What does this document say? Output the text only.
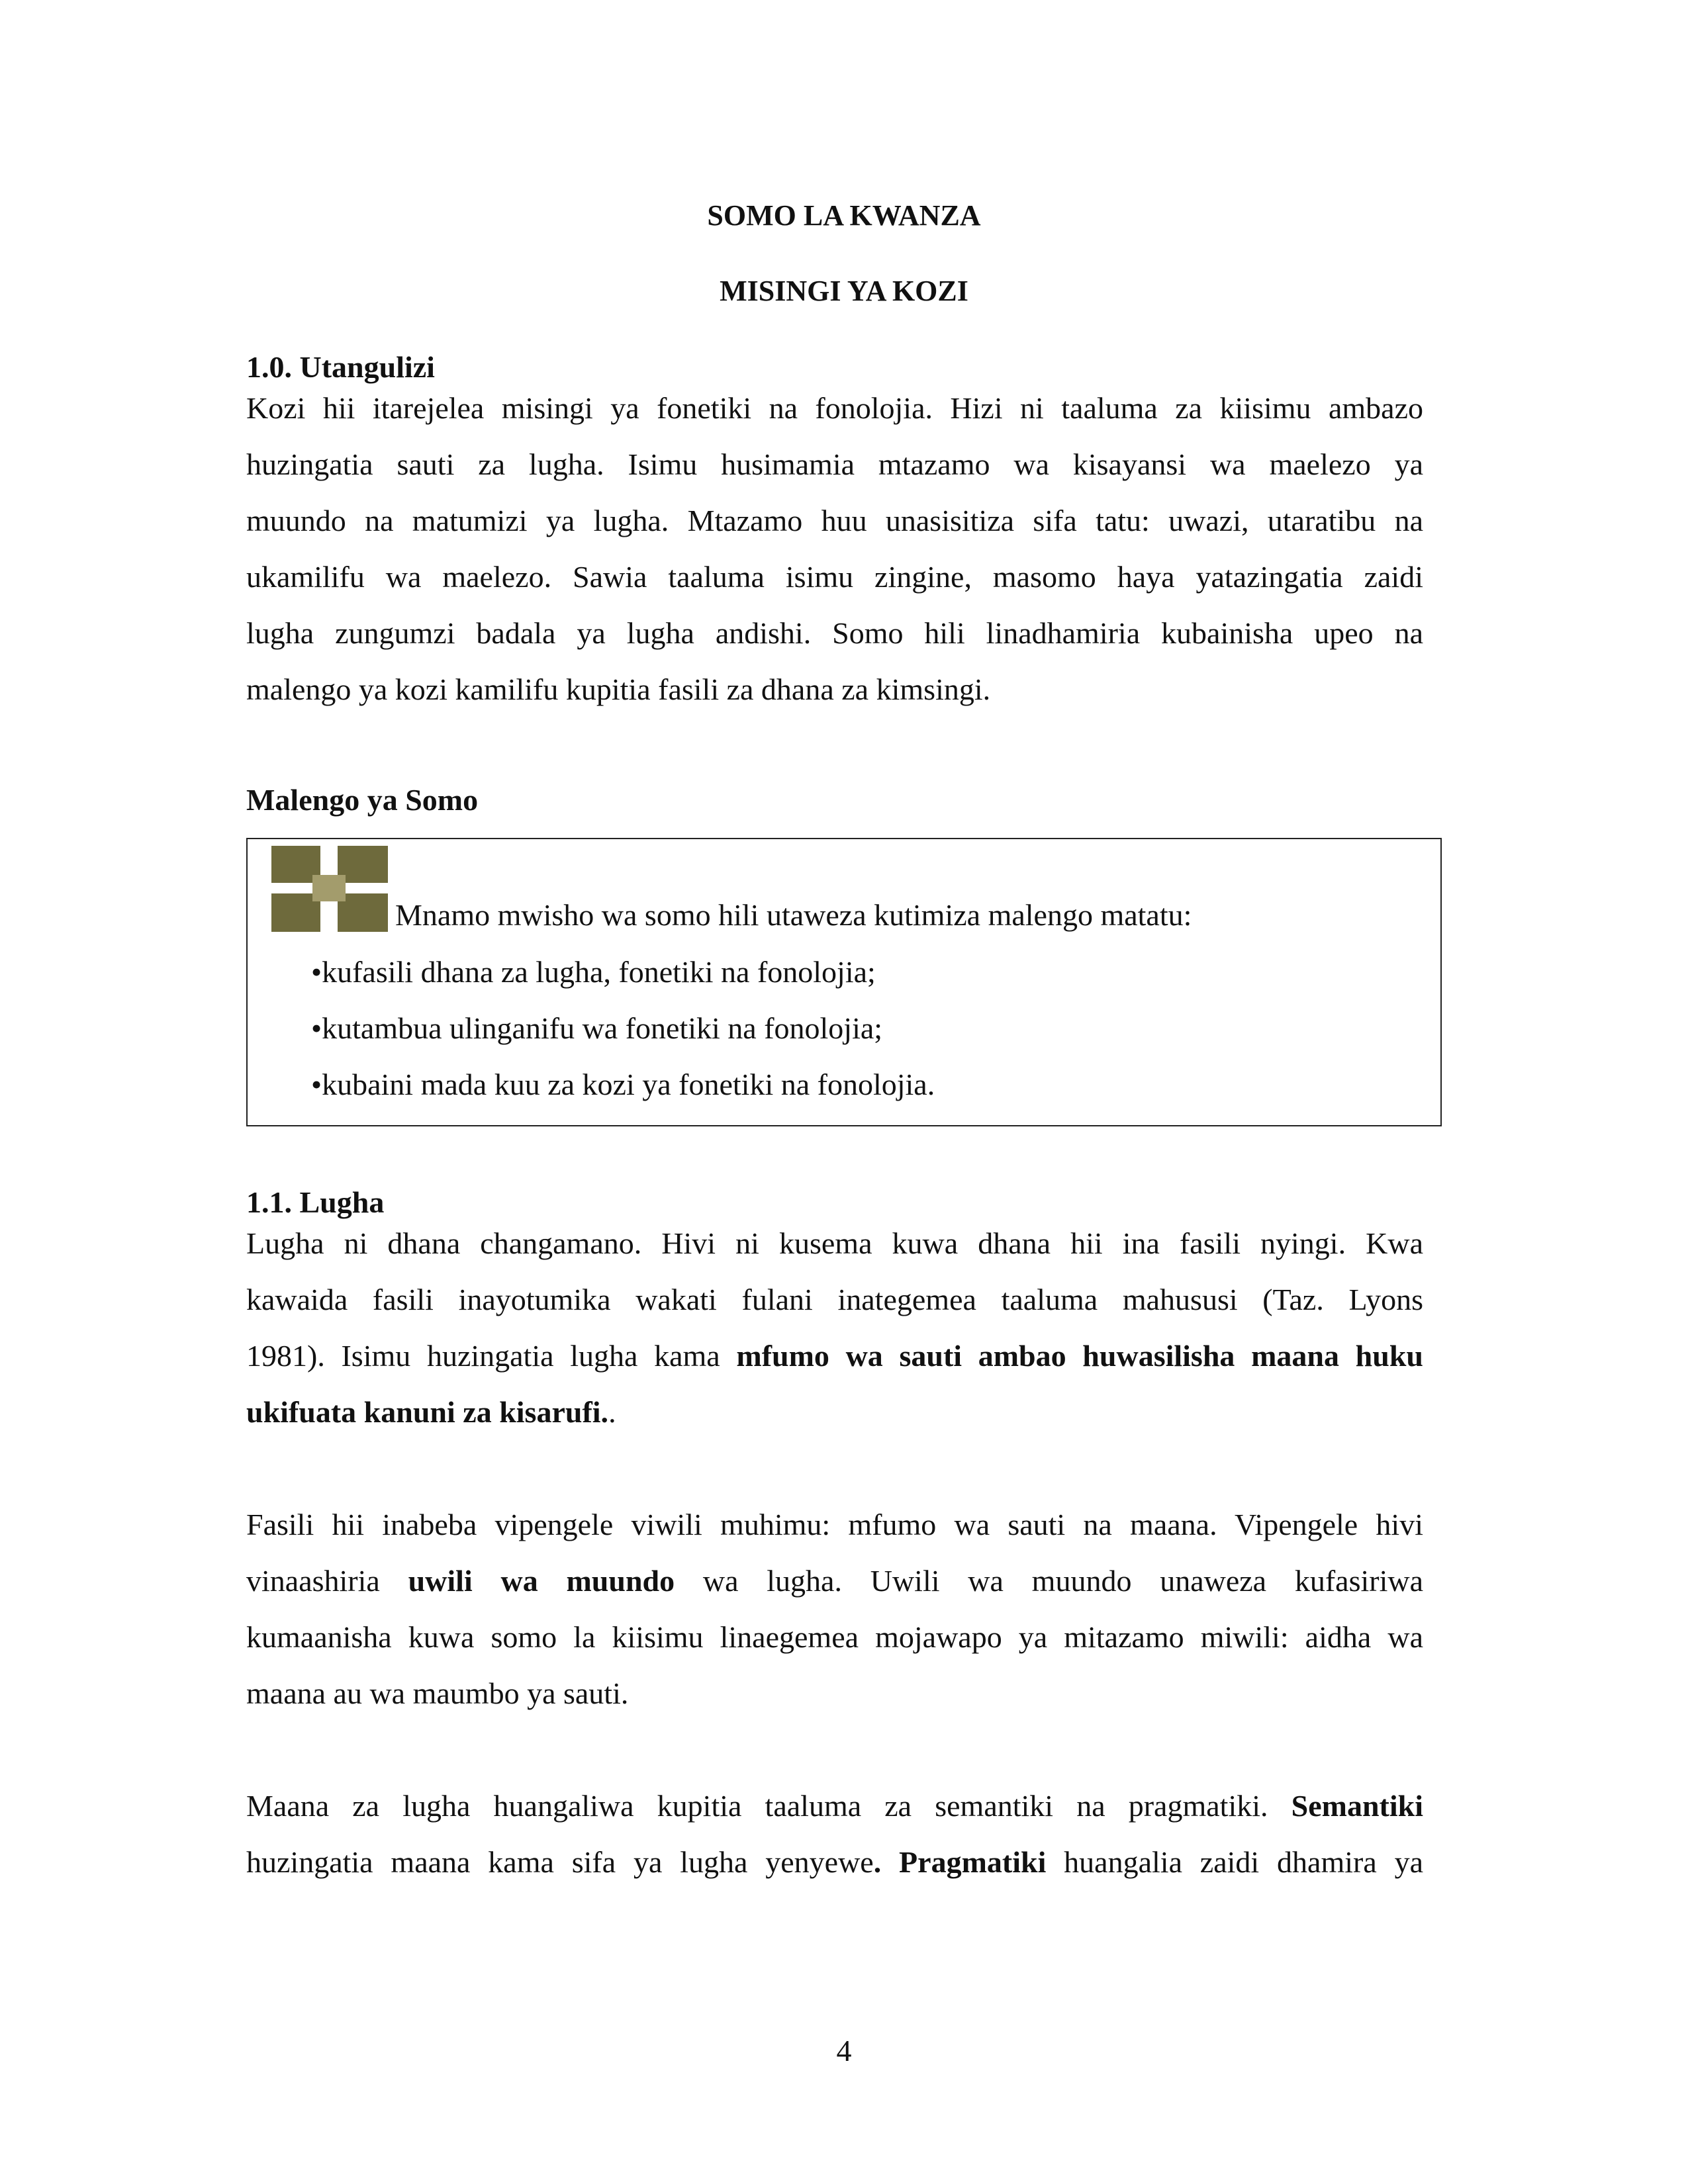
SOMO LA KWANZA
MISINGI YA KOZI
1.0. Utangulizi
Kozi hii itarejelea misingi ya fonetiki na fonolojia. Hizi ni taaluma za kiisimu ambazo
huzingatia sauti za lugha. Isimu husimamia mtazamo wa kisayansi wa maelezo ya
muundo na matumizi ya lugha. Mtazamo huu unasisitiza sifa tatu: uwazi, utaratibu na
ukamilifu wa maelezo. Sawia taaluma isimu zingine, masomo haya yatazingatia zaidi
lugha zungumzi badala ya lugha andishi. Somo hili linadhamiria kubainisha upeo na
malengo ya kozi kamilifu kupitia fasili za dhana za kimsingi.
Malengo ya Somo

Mnamo mwisho wa somo hili utaweza kutimiza malengo matatu:

•kufasili dhana za lugha, fonetiki na fonolojia;

•kutambua ulinganifu wa fonetiki na fonolojia;

•kubaini mada kuu za kozi ya fonetiki na fonolojia.

1.1. Lugha
Lugha ni dhana changamano. Hivi ni kusema kuwa dhana hii ina fasili nyingi. Kwa
kawaida fasili inayotumika wakati fulani inategemea taaluma mahususi (Taz. Lyons
1981). Isimu huzingatia lugha kama mfumo wa sauti ambao huwasilisha maana huku
ukifuata kanuni za kisarufi..
Fasili hii inabeba vipengele viwili muhimu: mfumo wa sauti na maana. Vipengele hivi
vinaashiria uwili wa muundo wa lugha. Uwili wa muundo unaweza kufasiriwa
kumaanisha kuwa somo la kiisimu linaegemea mojawapo ya mitazamo miwili: aidha wa
maana au wa maumbo ya sauti.
Maana za lugha huangaliwa kupitia taaluma za semantiki na pragmatiki. Semantiki
huzingatia maana kama sifa ya lugha yenyewe. Pragmatiki huangalia zaidi dhamira ya
4
